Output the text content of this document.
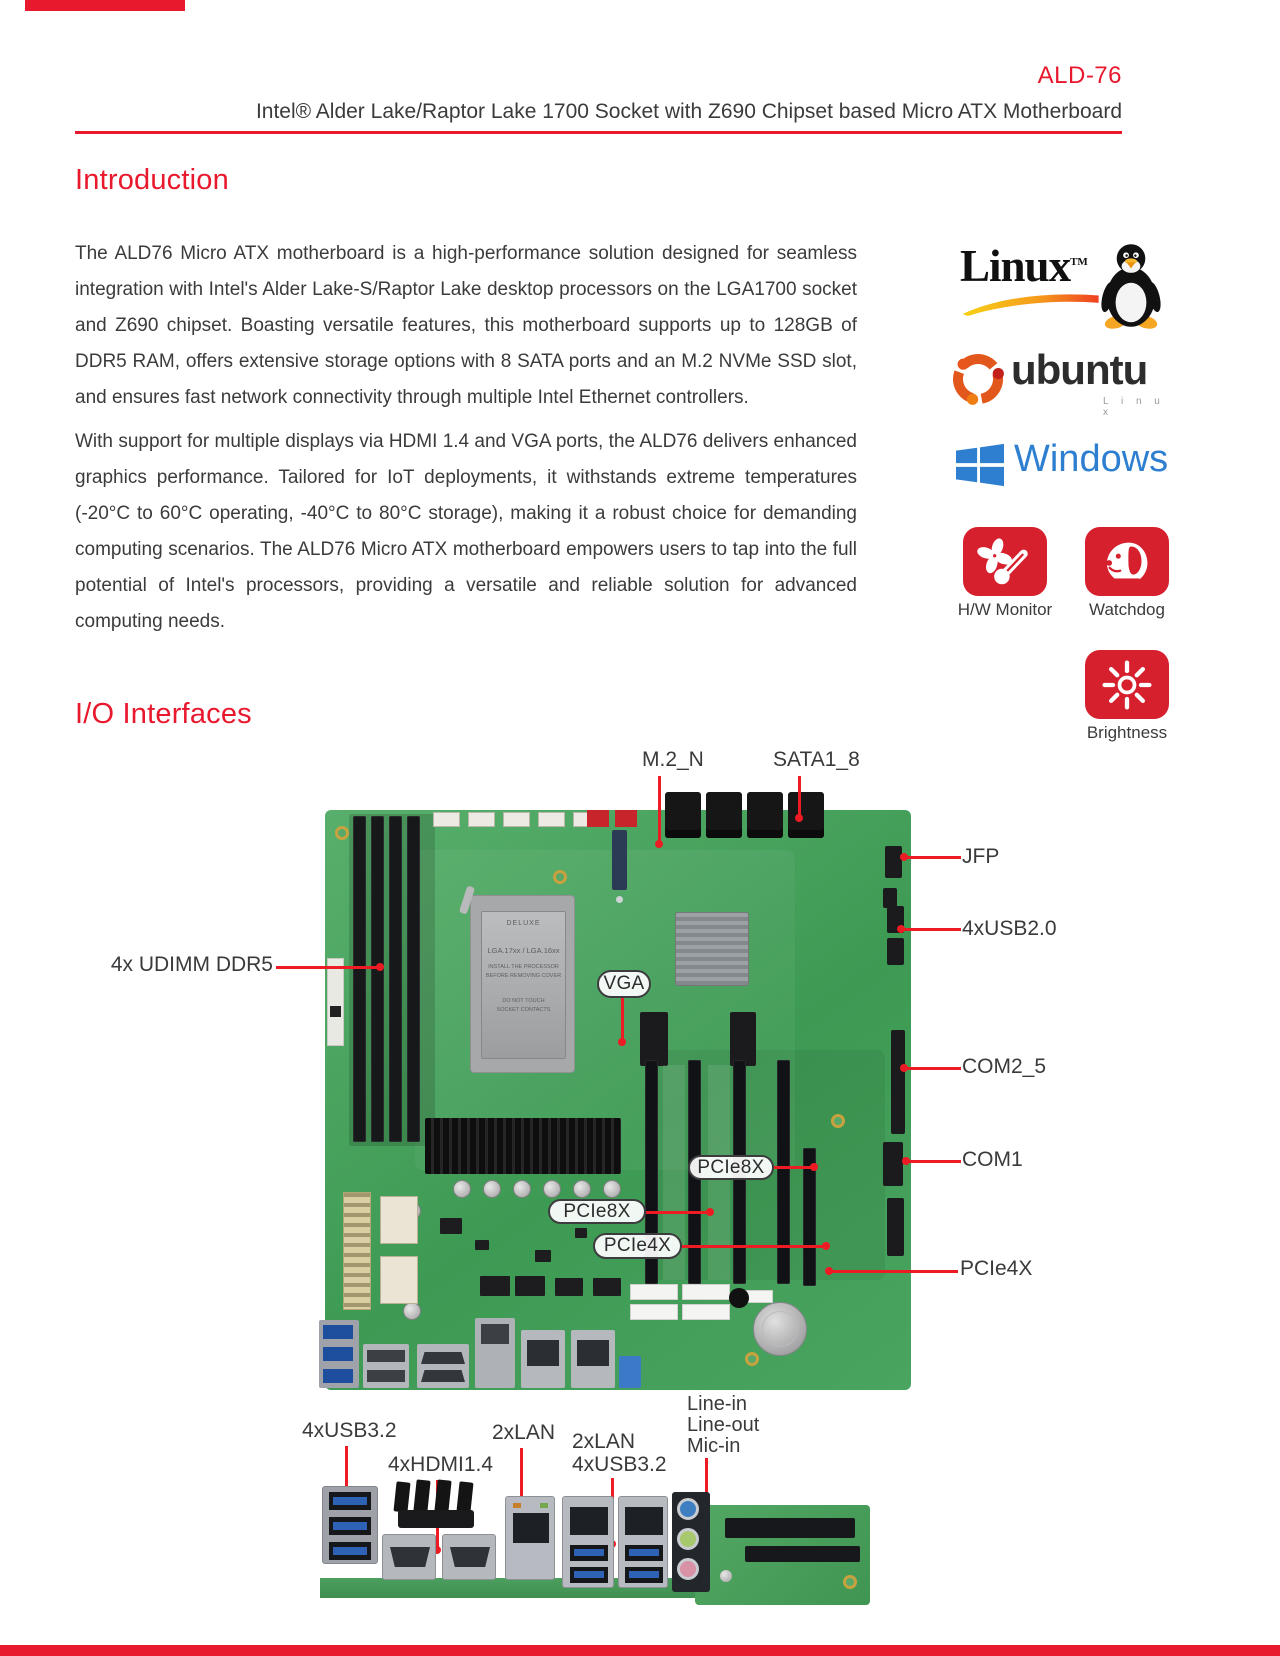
ALD-76
Intel® Alder Lake/Raptor Lake 1700 Socket with Z690 Chipset based Micro ATX Motherboard
Introduction

The ALD76 Micro ATX motherboard is a high-performance solution designed for seamless integration with Intel's Alder Lake-S/Raptor Lake desktop processors on the LGA1700 socket and Z690 chipset. Boasting versatile features, this motherboard supports up to 128GB of DDR5 RAM, offers extensive storage options with 8 SATA ports and an M.2 NVMe SSD slot, and ensures fast network connectivity through multiple Intel Ethernet controllers.

With support for multiple displays via HDMI 1.4 and VGA ports, the ALD76 delivers enhanced graphics performance. Tailored for IoT deployments, it withstands extreme temperatures (-20°C to 60°C operating, -40°C to 80°C storage), making it a robust choice for demanding computing scenarios. The ALD76 Micro ATX motherboard empowers users to tap into the full potential of Intel's processors, providing a versatile and reliable solution for advanced computing needs.

Linux™
ubuntu
L i n u x
Windows
H/W Monitor	Watchdog
Brightness
I/O Interfaces
DELUXE
LGA.17xx / LGA.16xx
INSTALL THE PROCESSOR
BEFORE REMOVING COVER
DO NOT TOUCH
SOCKET CONTACTS
M.2_N	SATA1_8
JFP
4xUSB2.0
4x UDIMM DDR5
COM2_5
COM1
PCIe4X
VGA
PCIe8X
PCIe8X
PCIe4X
4xUSB3.2
4xHDMI1.4
2xLAN 2xLAN
4xUSB3.2
Line-in
Line-out
Mic-in
